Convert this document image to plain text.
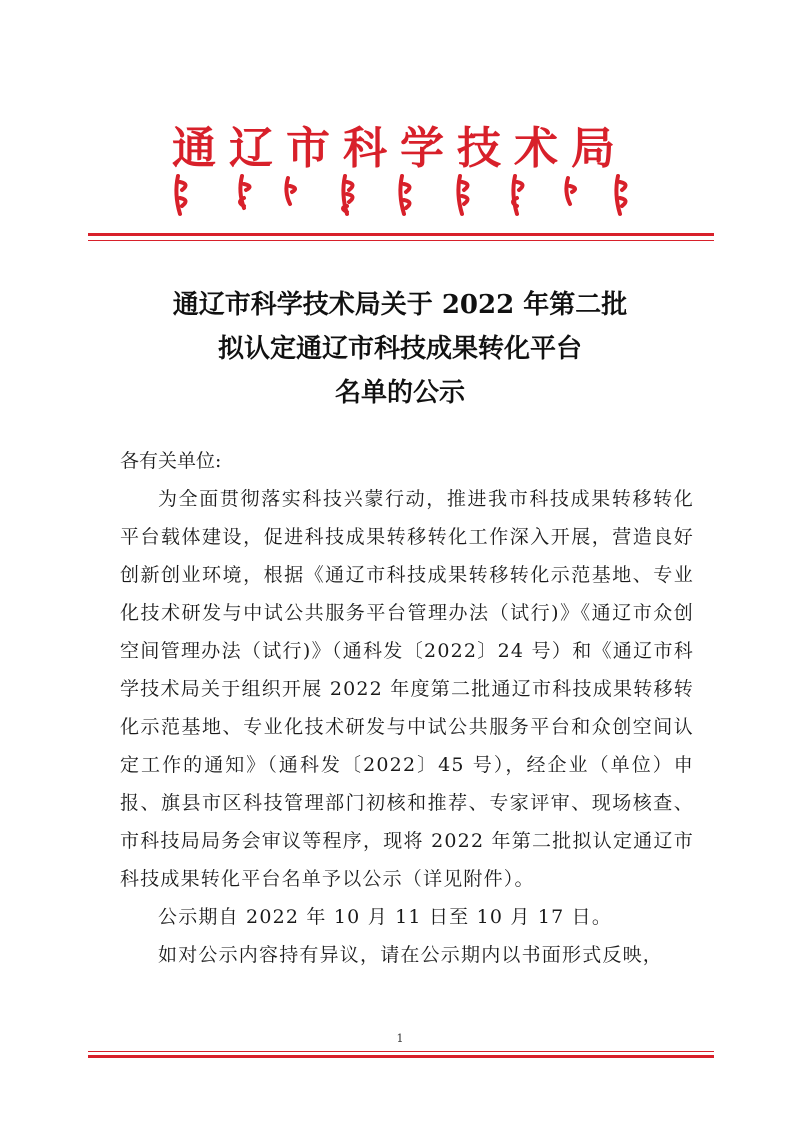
通辽市科学技术局
通辽市科学技术局关于 2022 年第二批
拟认定通辽市科技成果转化平台
名单的公示
各有关单位:

为全面贯彻落实科技兴蒙行动，推进我市科技成果转移转化平台载体建设，促进科技成果转移转化工作深入开展，营造良好创新创业环境，根据《通辽市科技成果转移转化示范基地、专业化技术研发与中试公共服务平台管理办法（试行)》《通辽市众创空间管理办法（试行)》（通科发〔2022〕24 号）和《通辽市科学技术局关于组织开展 2022 年度第二批通辽市科技成果转移转化示范基地、专业化技术研发与中试公共服务平台和众创空间认定工作的通知》（通科发〔2022〕45 号），经企业（单位）申报、旗县市区科技管理部门初核和推荐、专家评审、现场核查、市科技局局务会审议等程序，现将 2022 年第二批拟认定通辽市科技成果转化平台名单予以公示（详见附件）。

公示期自 2022 年 10 月 11 日至 10 月 17 日。

如对公示内容持有异议，请在公示期内以书面形式反映，

1
